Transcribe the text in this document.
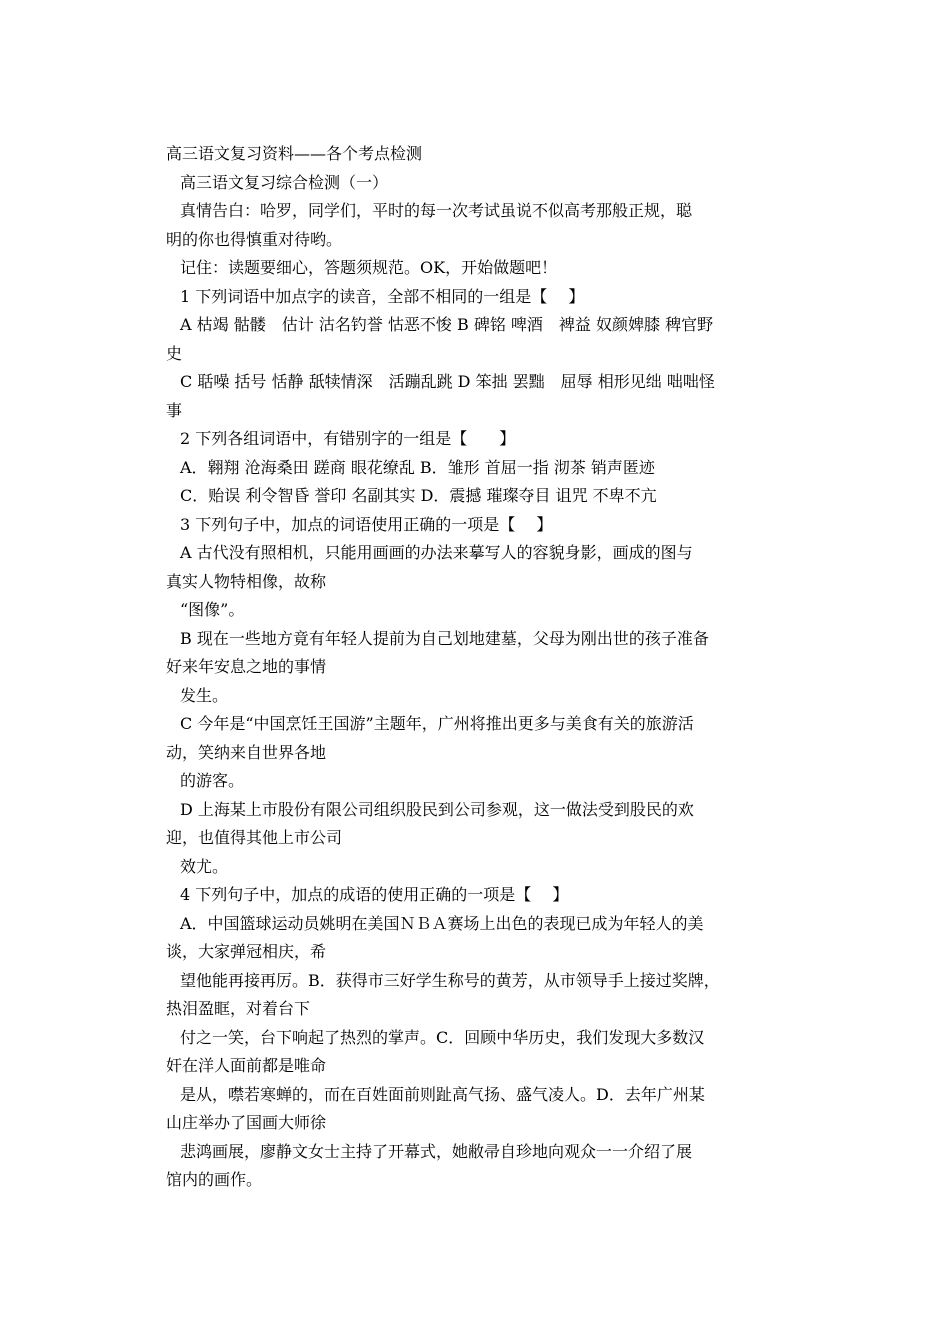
高三语文复习资料——各个考点检测

高三语文复习综合检测（一）

真情告白：哈罗，同学们，平时的每一次考试虽说不似高考那般正规，聪

明的你也得慎重对待哟。

记住：读题要细心，答题须规范。OK，开始做题吧！

1 下列词语中加点字的读音，全部不相同的一组是【　 】

A 枯竭 骷髅　估计 沽名钓誉 怙恶不悛 B 碑铭 啤酒　裨益 奴颜婢膝 稗官野

史

C 聒噪 括号 恬静 舐犊情深　活蹦乱跳 D 笨拙 罢黜　屈辱 相形见绌 咄咄怪

事

2 下列各组词语中，有错别字的一组是【　　】

A．翱翔 沧海桑田 蹉商 眼花缭乱 B．雏形 首屈一指 沏茶 销声匿迹

C．贻误 利令智昏 誉印 名副其实 D．震撼 璀璨夺目 诅咒 不卑不亢

3 下列句子中，加点的词语使用正确的一项是【　 】

A 古代没有照相机，只能用画画的办法来摹写人的容貌身影，画成的图与

真实人物特相像，故称

“图像”。

B 现在一些地方竟有年轻人提前为自己划地建墓，父母为刚出世的孩子准备

好来年安息之地的事情

发生。

C 今年是“中国烹饪王国游”主题年，广州将推出更多与美食有关的旅游活

动，笑纳来自世界各地

的游客。

D 上海某上市股份有限公司组织股民到公司参观，这一做法受到股民的欢

迎，也值得其他上市公司

效尤。

4 下列句子中，加点的成语的使用正确的一项是【　 】

A．中国篮球运动员姚明在美国ＮＢＡ赛场上出色的表现已成为年轻人的美

谈，大家弹冠相庆，希

望他能再接再厉。B．获得市三好学生称号的黄芳，从市领导手上接过奖牌，

热泪盈眶，对着台下

付之一笑，台下响起了热烈的掌声。C．回顾中华历史，我们发现大多数汉

奸在洋人面前都是唯命

是从，噤若寒蝉的，而在百姓面前则趾高气扬、盛气凌人。D．去年广州某

山庄举办了国画大师徐

悲鸿画展，廖静文女士主持了开幕式，她敝帚自珍地向观众一一介绍了展

馆内的画作。
